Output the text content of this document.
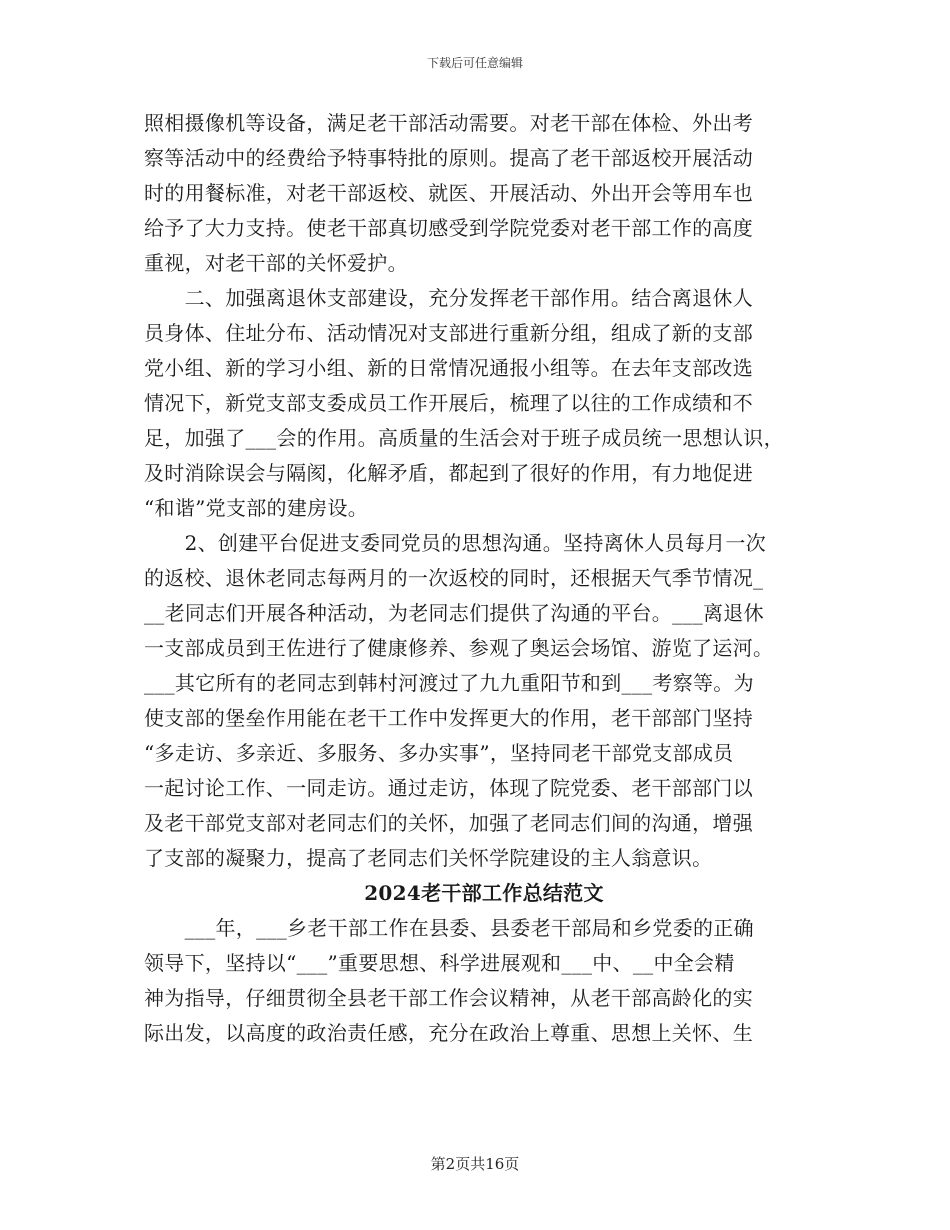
下载后可任意编辑

照相摄像机等设备，满足老干部活动需要。对老干部在体检、外出考

察等活动中的经费给予特事特批的原则。提高了老干部返校开展活动

时的用餐标准，对老干部返校、就医、开展活动、外出开会等用车也

给予了大力支持。使老干部真切感受到学院党委对老干部工作的高度

重视，对老干部的关怀爱护。

　　二、加强离退休支部建设，充分发挥老干部作用。结合离退休人

员身体、住址分布、活动情况对支部进行重新分组，组成了新的支部

党小组、新的学习小组、新的日常情况通报小组等。在去年支部改选

情况下，新党支部支委成员工作开展后，梳理了以往的工作成绩和不

足，加强了___会的作用。高质量的生活会对于班子成员统一思想认识，

及时消除误会与隔阂，化解矛盾，都起到了很好的作用，有力地促进

“和谐”党支部的建房设。

　　2、创建平台促进支委同党员的思想沟通。坚持离休人员每月一次

的返校、退休老同志每两月的一次返校的同时，还根据天气季节情况_

__老同志们开展各种活动，为老同志们提供了沟通的平台。___离退休

一支部成员到王佐进行了健康修养、参观了奥运会场馆、游览了运河。

___其它所有的老同志到韩村河渡过了九九重阳节和到___考察等。为

使支部的堡垒作用能在老干工作中发挥更大的作用，老干部部门坚持

“多走访、多亲近、多服务、多办实事”，坚持同老干部党支部成员

一起讨论工作、一同走访。通过走访，体现了院党委、老干部部门以

及老干部党支部对老同志们的关怀，加强了老同志们间的沟通，增强

了支部的凝聚力，提高了老同志们关怀学院建设的主人翁意识。

2024老干部工作总结范文

　　___年，___乡老干部工作在县委、县委老干部局和乡党委的正确

领导下，坚持以“___”重要思想、科学进展观和___中、__中全会精

神为指导，仔细贯彻全县老干部工作会议精神，从老干部高龄化的实

际出发，以高度的政治责任感，充分在政治上尊重、思想上关怀、生

第2页共16页
